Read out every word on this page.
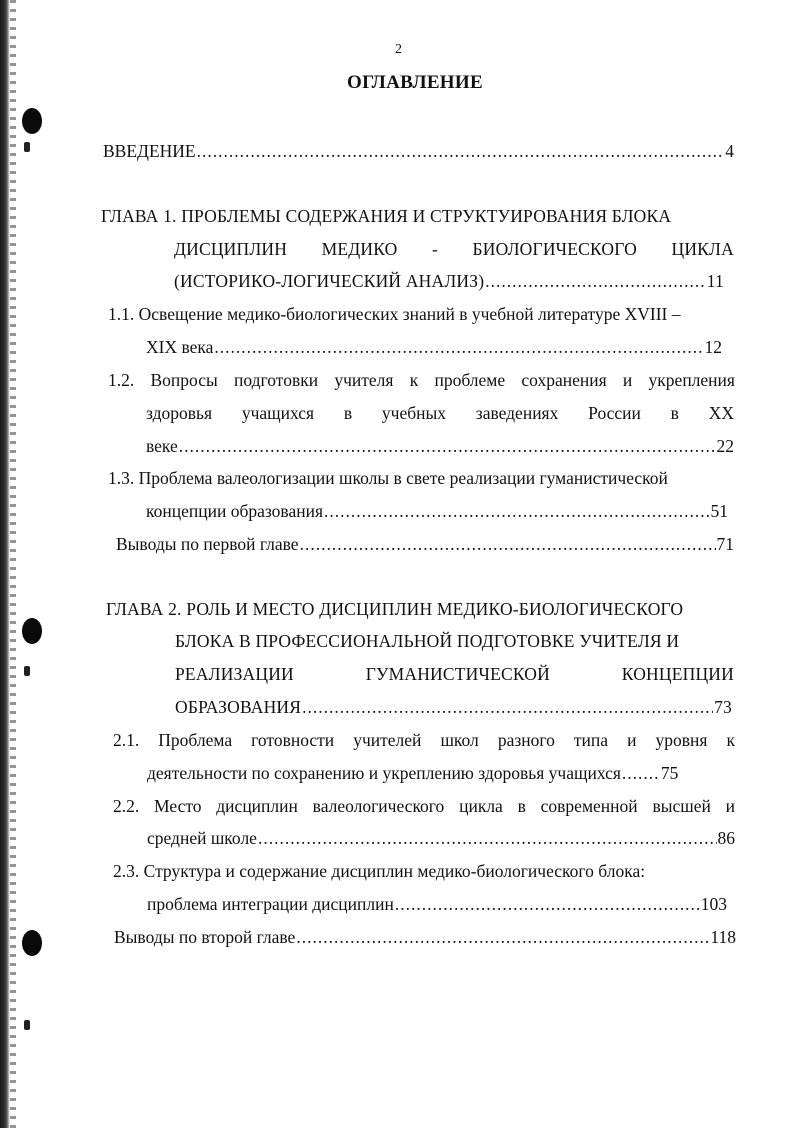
2
ОГЛАВЛЕНИЕ
ВВЕДЕНИЕ .....	4
ГЛАВА 1. ПРОБЛЕМЫ СОДЕРЖАНИЯ И СТРУКТУИРОВАНИЯ БЛОКА
ДИСЦИПЛИН МЕДИКО - БИОЛОГИЧЕСКОГО ЦИКЛА
(ИСТОРИКО-ЛОГИЧЕСКИЙ АНАЛИЗ) .....	11
1.1. Освещение медико-биологических знаний в учебной литературе XVIII –
XIX века .....	12
1.2. Вопросы подготовки учителя к проблеме сохранения и укрепления
здоровья учащихся в учебных заведениях России в XX
веке .....	22
1.3. Проблема валеологизации школы в свете реализации гуманистической
концепции образования .....	51
Выводы по первой главе .....	71
ГЛАВА 2. РОЛЬ И МЕСТО ДИСЦИПЛИН МЕДИКО-БИОЛОГИЧЕСКОГО
БЛОКА В ПРОФЕССИОНАЛЬНОЙ ПОДГОТОВКЕ УЧИТЕЛЯ И
РЕАЛИЗАЦИИ	ГУМАНИСТИЧЕСКОЙ	КОНЦЕПЦИИ
ОБРАЗОВАНИЯ .....	73
2.1. Проблема готовности учителей школ разного типа и уровня к
деятельности по сохранению и укреплению здоровья учащихся ..... 75
2.2. Место дисциплин валеологического цикла в современной высшей и
средней школе .....	86
2.3. Структура и содержание дисциплин медико-биологического блока:
проблема интеграции дисциплин .....	103
Выводы по второй главе .....	118
